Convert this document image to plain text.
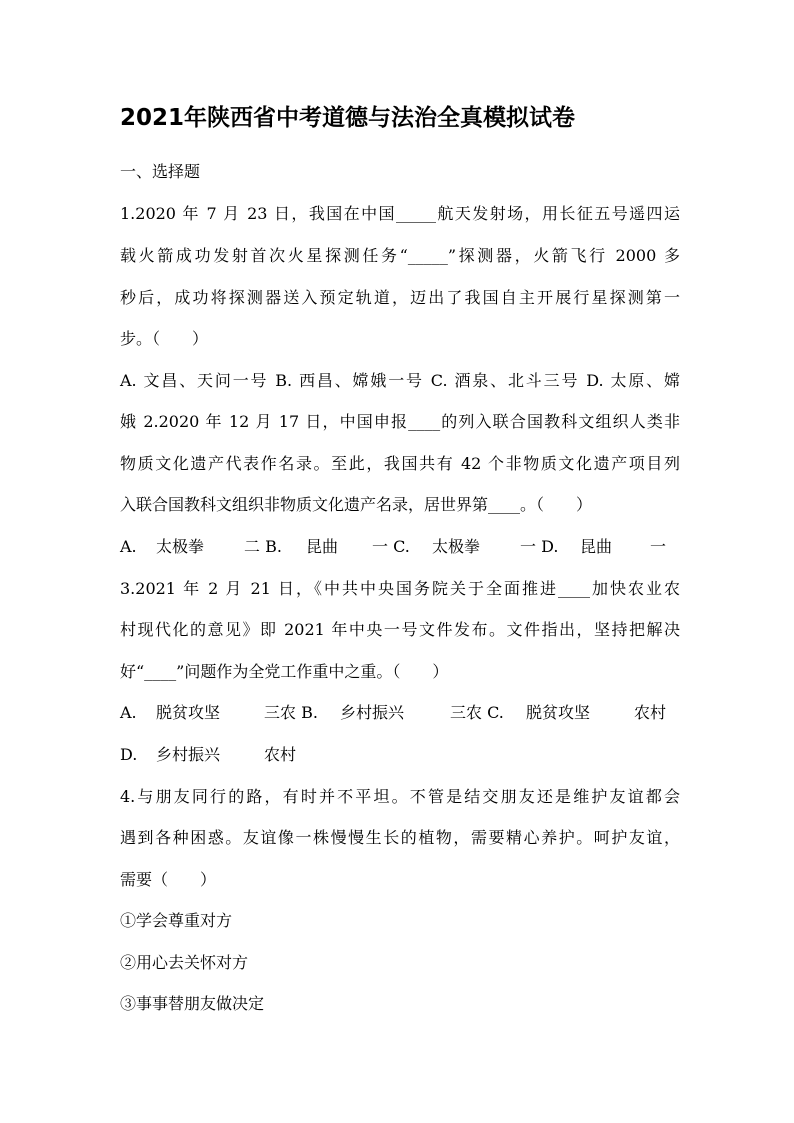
2021年陕西省中考道德与法治全真模拟试卷
一、选择题
1.2020 年 7 月 23 日，我国在中国_____航天发射场，用长征五号遥四运
载火箭成功发射首次火星探测任务“_____”探测器，火箭飞行 2000 多
秒后，成功将探测器送入预定轨道，迈出了我国自主开展行星探测第一
步。（　　）
A. 文昌、天问一号 B. 西昌、嫦娥一号 C. 酒泉、北斗三号 D. 太原、嫦
娥 2.2020 年 12 月 17 日，中国申报____的列入联合国教科文组织人类非
物质文化遗产代表作名录。至此，我国共有 42 个非物质文化遗产项目列
入联合国教科文组织非物质文化遗产名录，居世界第____。（　　）
A. 太极拳 二 B. 昆曲 一 C. 太极拳 一 D. 昆曲 一
3.2021 年 2 月 21 日，《中共中央国务院关于全面推进____加快农业农
村现代化的意见》即 2021 年中央一号文件发布。文件指出，坚持把解决
好“____”问题作为全党工作重中之重。（　　）
A. 脱贫攻坚	三农 B. 乡村振兴	三农 C. 脱贫攻坚	农村
D. 乡村振兴	农村
4.与朋友同行的路，有时并不平坦。不管是结交朋友还是维护友谊都会
遇到各种困惑。友谊像一株慢慢生长的植物，需要精心养护。呵护友谊，
需要（　　）
①学会尊重对方
②用心去关怀对方
③事事替朋友做决定
